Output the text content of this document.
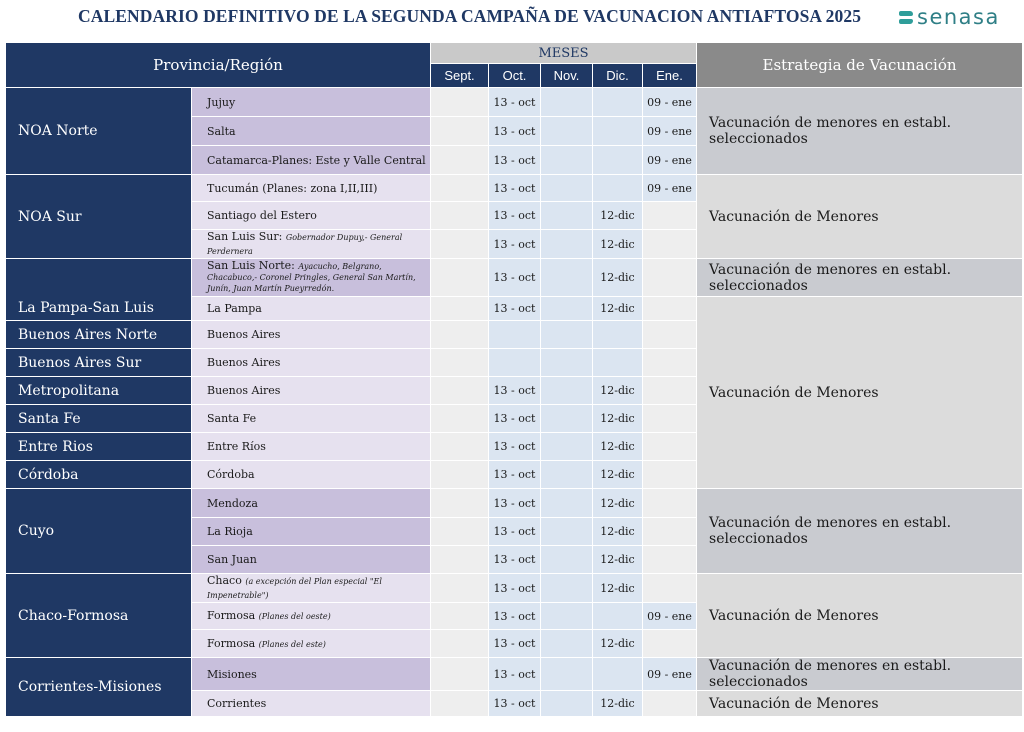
CALENDARIO DEFINITIVO DE LA SEGUNDA CAMPAÑA DE VACUNACION ANTIAFTOSA 2025	senasa
Provincia/Región		MESES					Estrategia de Vacunación
		Sept.	Oct.	Nov.	Dic.	Ene.	
NOA Norte	Jujuy		13 - oct			09 - ene	Vacunación de menores en establ. seleccionados
	Salta		13 - oct			09 - ene	
	Catamarca-Planes: Este y Valle Central		13 - oct			09 - ene	
NOA Sur	Tucumán (Planes: zona I,II,III)		13 - oct			09 - ene	Vacunación de Menores
	Santiago del Estero		13 - oct		12-dic		
	San Luis Sur: Gobernador Dupuy,- General Perdernera		13 - oct		12-dic		
La Pampa-San Luis	San Luis Norte: Ayacucho, Belgrano, Chacabuco,- Coronel Pringles, General San Martín, Junín, Juan Martín Pueyrredón.		13 - oct		12-dic		Vacunación de menores en establ. seleccionados
	La Pampa		13 - oct		12-dic		Vacunación de Menores
Buenos Aires Norte	Buenos Aires						
Buenos Aires Sur	Buenos Aires						
Metropolitana	Buenos Aires		13 - oct		12-dic		
Santa Fe	Santa Fe		13 - oct		12-dic		
Entre Rios	Entre Ríos		13 - oct		12-dic		
Córdoba	Córdoba		13 - oct		12-dic		
Cuyo	Mendoza		13 - oct		12-dic		Vacunación de menores en establ. seleccionados
	La Rioja		13 - oct		12-dic		
	San Juan		13 - oct		12-dic		
Chaco-Formosa	Chaco (a excepción del Plan especial "El Impenetrable")		13 - oct		12-dic		Vacunación de Menores
	Formosa (Planes del oeste)		13 - oct			09 - ene	
	Formosa (Planes del este)		13 - oct		12-dic		
Corrientes-Misiones	Misiones		13 - oct			09 - ene	Vacunación de menores en establ. seleccionados
	Corrientes		13 - oct		12-dic		Vacunación de Menores
